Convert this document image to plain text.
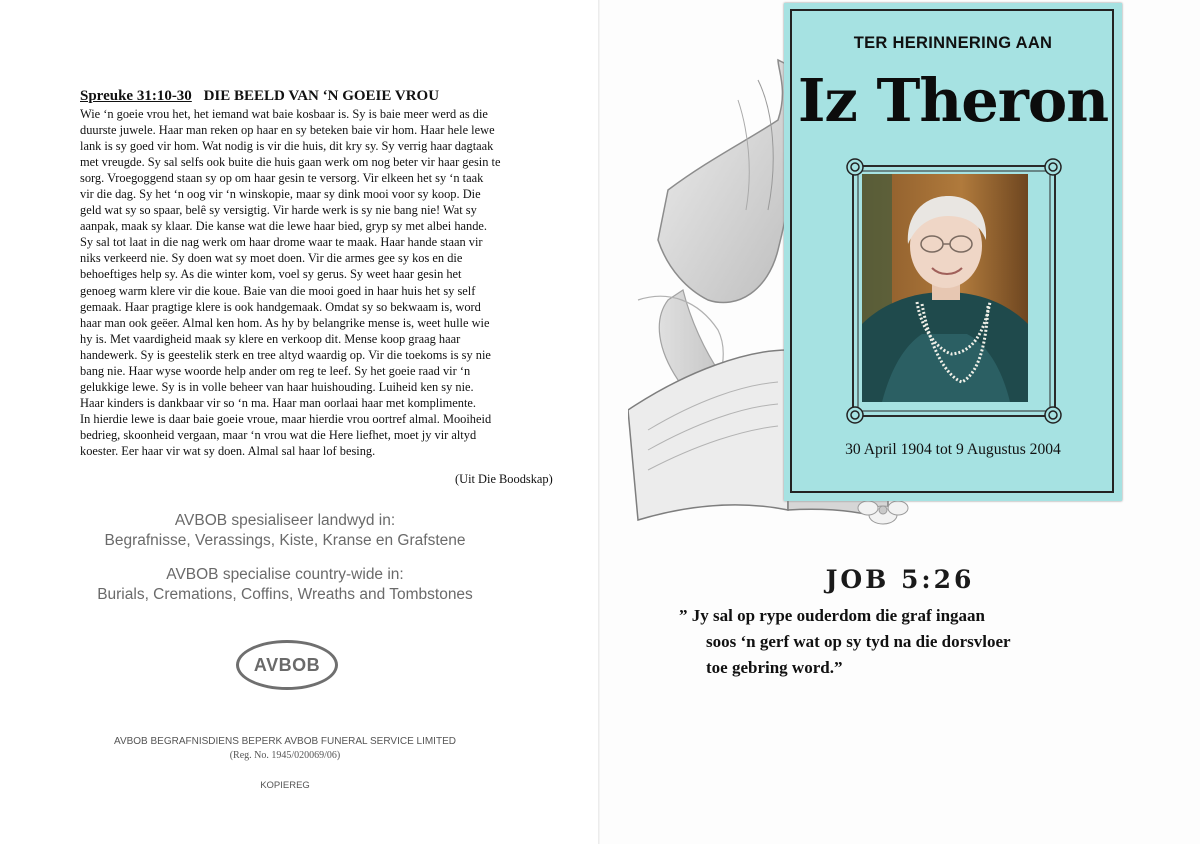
Spreuke 31:10-30 DIE BEELD VAN ‘N GOEIE VROU
Wie ‘n goeie vrou het, het iemand wat baie kosbaar is. Sy is baie meer werd as die
duurste juwele. Haar man reken op haar en sy beteken baie vir hom. Haar hele lewe
lank is sy goed vir hom. Wat nodig is vir die huis, dit kry sy. Sy verrig haar dagtaak
met vreugde. Sy sal selfs ook buite die huis gaan werk om nog beter vir haar gesin te
sorg. Vroegoggend staan sy op om haar gesin te versorg. Vir elkeen het sy ‘n taak
vir die dag. Sy het ‘n oog vir ‘n winskopie, maar sy dink mooi voor sy koop. Die
geld wat sy so spaar, belê sy versigtig. Vir harde werk is sy nie bang nie! Wat sy
aanpak, maak sy klaar. Die kanse wat die lewe haar bied, gryp sy met albei hande.
Sy sal tot laat in die nag werk om haar drome waar te maak. Haar hande staan vir
niks verkeerd nie. Sy doen wat sy moet doen. Vir die armes gee sy kos en die
behoeftiges help sy. As die winter kom, voel sy gerus. Sy weet haar gesin het
genoeg warm klere vir die koue. Baie van die mooi goed in haar huis het sy self
gemaak. Haar pragtige klere is ook handgemaak. Omdat sy so bekwaam is, word
haar man ook geëer. Almal ken hom. As hy by belangrike mense is, weet hulle wie
hy is. Met vaardigheid maak sy klere en verkoop dit. Mense koop graag haar
handewerk. Sy is geestelik sterk en tree altyd waardig op. Vir die toekoms is sy nie
bang nie. Haar wyse woorde help ander om reg te leef. Sy het goeie raad vir ‘n
gelukkige lewe. Sy is in volle beheer van haar huishouding. Luiheid ken sy nie.
Haar kinders is dankbaar vir so ‘n ma. Haar man oorlaai haar met komplimente.
In hierdie lewe is daar baie goeie vroue, maar hierdie vrou oortref almal. Mooiheid
bedrieg, skoonheid vergaan, maar ‘n vrou wat die Here liefhet, moet jy vir altyd
koester. Eer haar vir wat sy doen. Almal sal haar lof besing.
(Uit Die Boodskap)
AVBOB spesialiseer landwyd in:
Begrafnisse, Verassings, Kiste, Kranse en Grafstene
AVBOB specialise country-wide in:
Burials, Cremations, Coffins, Wreaths and Tombstones
AVBOB
AVBOB BEGRAFNISDIENS BEPERK AVBOB FUNERAL SERVICE LIMITED
(Reg. No. 1945/020069/06)
KOPIEREG
TER HERINNERING AAN
Iz Theron
30 April 1904 tot 9 Augustus 2004
JOB 5:26
” Jy sal op rype ouderdom die graf ingaan
soos ‘n gerf wat op sy tyd na die dorsvloer
toe gebring word.”
